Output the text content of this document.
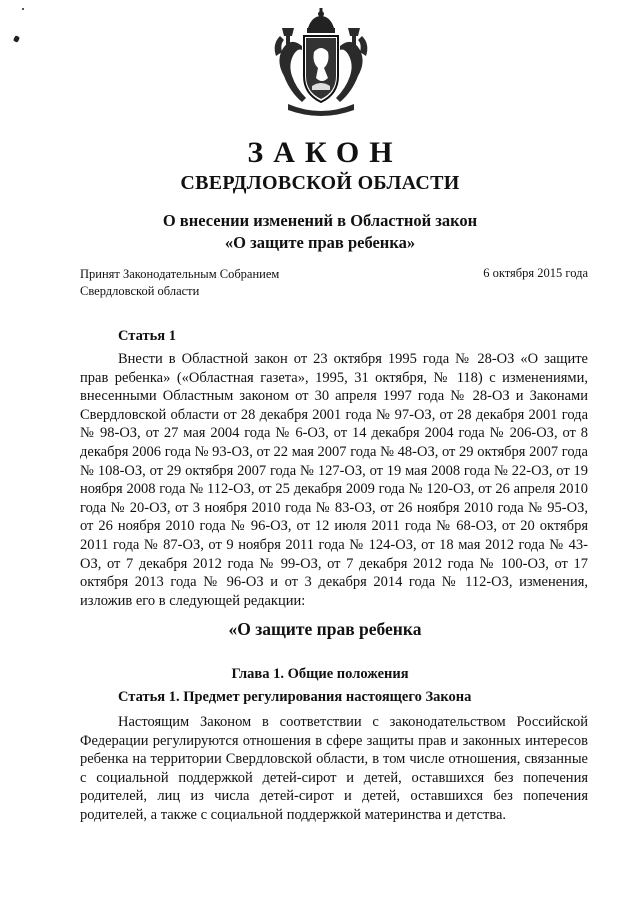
ЗАКОН
СВЕРДЛОВСКОЙ ОБЛАСТИ
О внесении изменений в Областной закон
«О защите прав ребенка»
Принят Законодательным Собранием
Свердловской области
6 октября 2015 года
Статья 1
Внести в Областной закон от 23 октября 1995 года № 28-ОЗ «О защите прав ребенка» («Областная газета», 1995, 31 октября, № 118) с изменениями, внесенными Областным законом от 30 апреля 1997 года № 28-ОЗ и Законами Свердловской области от 28 декабря 2001 года № 97-ОЗ, от 28 декабря 2001 года № 98-ОЗ, от 27 мая 2004 года № 6-ОЗ, от 14 декабря 2004 года № 206-ОЗ, от 8 декабря 2006 года № 93-ОЗ, от 22 мая 2007 года № 48-ОЗ, от 29 октября 2007 года № 108-ОЗ, от 29 октября 2007 года № 127-ОЗ, от 19 мая 2008 года № 22-ОЗ, от 19 ноября 2008 года № 112-ОЗ, от 25 декабря 2009 года № 120-ОЗ, от 26 апреля 2010 года № 20-ОЗ, от 3 ноября 2010 года № 83-ОЗ, от 26 ноября 2010 года № 95-ОЗ, от 26 ноября 2010 года № 96-ОЗ, от 12 июля 2011 года № 68-ОЗ, от 20 октября 2011 года № 87-ОЗ, от 9 ноября 2011 года № 124-ОЗ, от 18 мая 2012 года № 43-ОЗ, от 7 декабря 2012 года № 99-ОЗ, от 7 декабря 2012 года № 100-ОЗ, от 17 октября 2013 года № 96-ОЗ и от 3 декабря 2014 года № 112-ОЗ, изменения, изложив его в следующей редакции:
«О защите прав ребенка
Глава 1. Общие положения
Статья 1. Предмет регулирования настоящего Закона
Настоящим Законом в соответствии с законодательством Российской Федерации регулируются отношения в сфере защиты прав и законных интересов ребенка на территории Свердловской области, в том числе отношения, связанные с социальной поддержкой детей-сирот и детей, оставшихся без попечения родителей, лиц из числа детей-сирот и детей, оставшихся без попечения родителей, а также с социальной поддержкой материнства и детства.
